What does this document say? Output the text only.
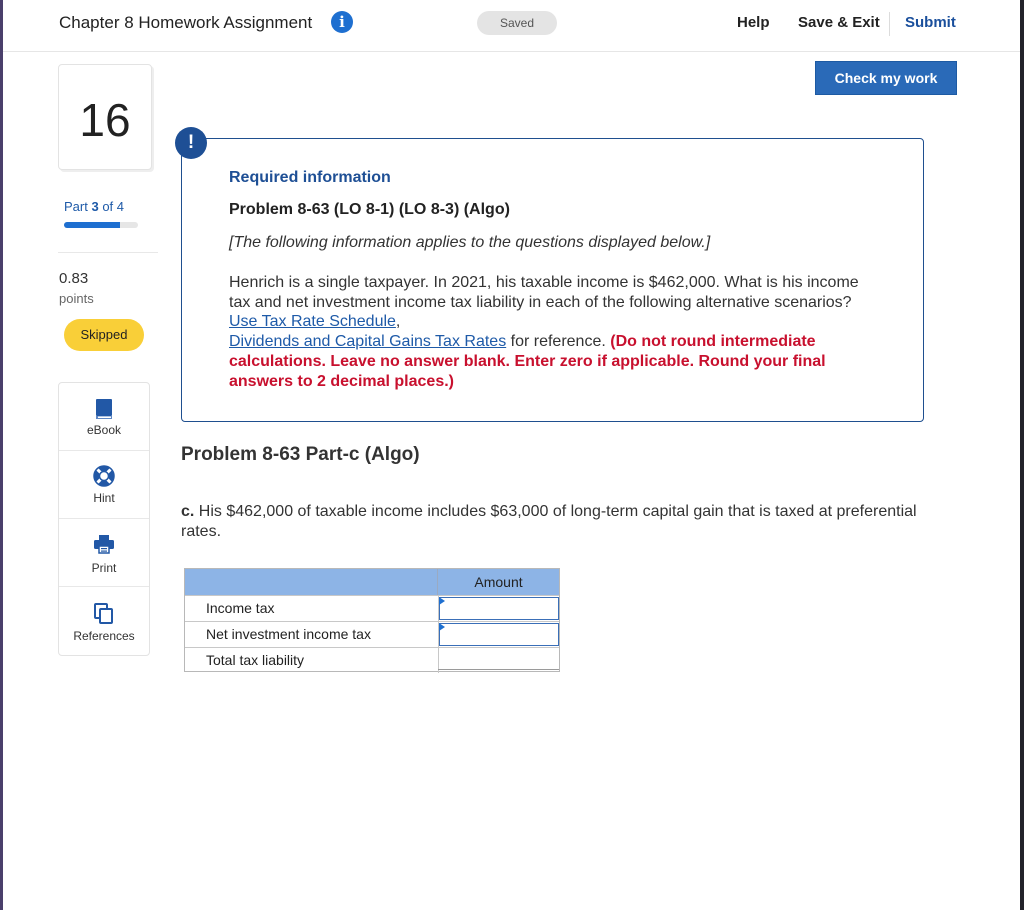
Chapter 8 Homework Assignment	i	Saved	Help Save & Exit Submit
Check my work
16
Part 3 of 4
0.83
points
Skipped
eBook
Hint
Print
References
Required information
Problem 8-63 (LO 8-1) (LO 8-3) (Algo)
[The following information applies to the questions displayed below.]
Henrich is a single taxpayer. In 2021, his taxable income is $462,000. What is his income tax and net investment income tax liability in each of the following alternative scenarios? Use Tax Rate Schedule,
Dividends and Capital Gains Tax Rates for reference. (Do not round intermediate calculations. Leave no answer blank. Enter zero if applicable. Round your final answers to 2 decimal places.)
!
Problem 8-63 Part-c (Algo)
c. His $462,000 of taxable income includes $63,000 of long-term capital gain that is taxed at preferential rates.
Amount
Income tax
Net investment income tax
Total tax liability
